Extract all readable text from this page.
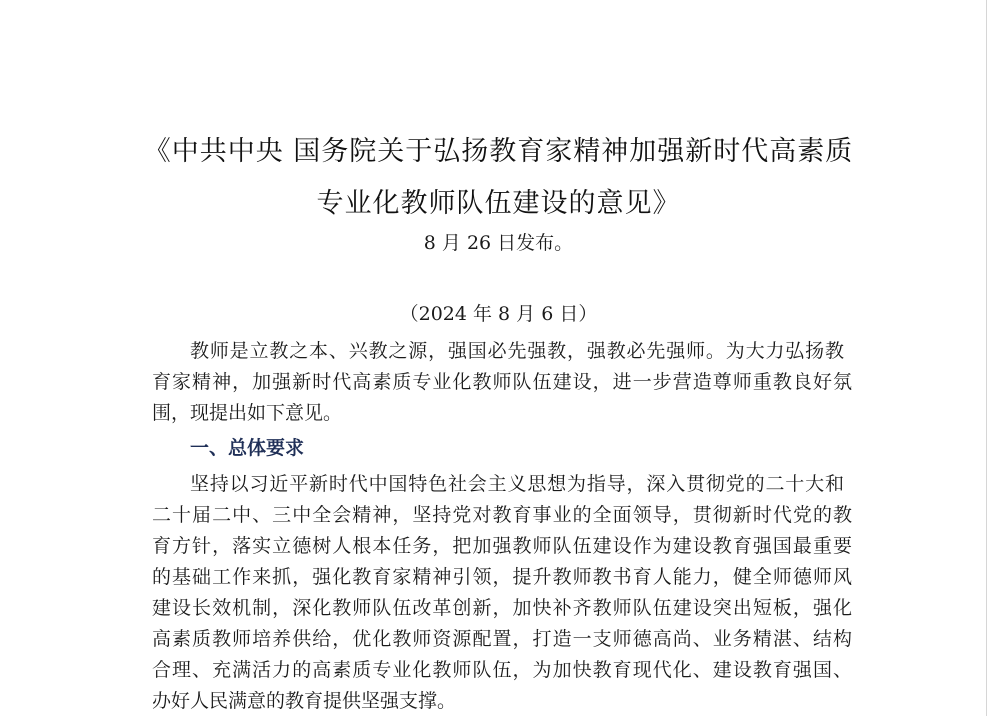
《中共中央 国务院关于弘扬教育家精神加强新时代高素质
专业化教师队伍建设的意见》
8 月 26 日发布。
（2024 年 8 月 6 日）
教师是立教之本、兴教之源，强国必先强教，强教必先强师。为大力弘扬教
育家精神，加强新时代高素质专业化教师队伍建设，进一步营造尊师重教良好氛
围，现提出如下意见。
一、总体要求
坚持以习近平新时代中国特色社会主义思想为指导，深入贯彻党的二十大和
二十届二中、三中全会精神，坚持党对教育事业的全面领导，贯彻新时代党的教
育方针，落实立德树人根本任务，把加强教师队伍建设作为建设教育强国最重要
的基础工作来抓，强化教育家精神引领，提升教师教书育人能力，健全师德师风
建设长效机制，深化教师队伍改革创新，加快补齐教师队伍建设突出短板，强化
高素质教师培养供给，优化教师资源配置，打造一支师德高尚、业务精湛、结构
合理、充满活力的高素质专业化教师队伍，为加快教育现代化、建设教育强国、
办好人民满意的教育提供坚强支撑。
